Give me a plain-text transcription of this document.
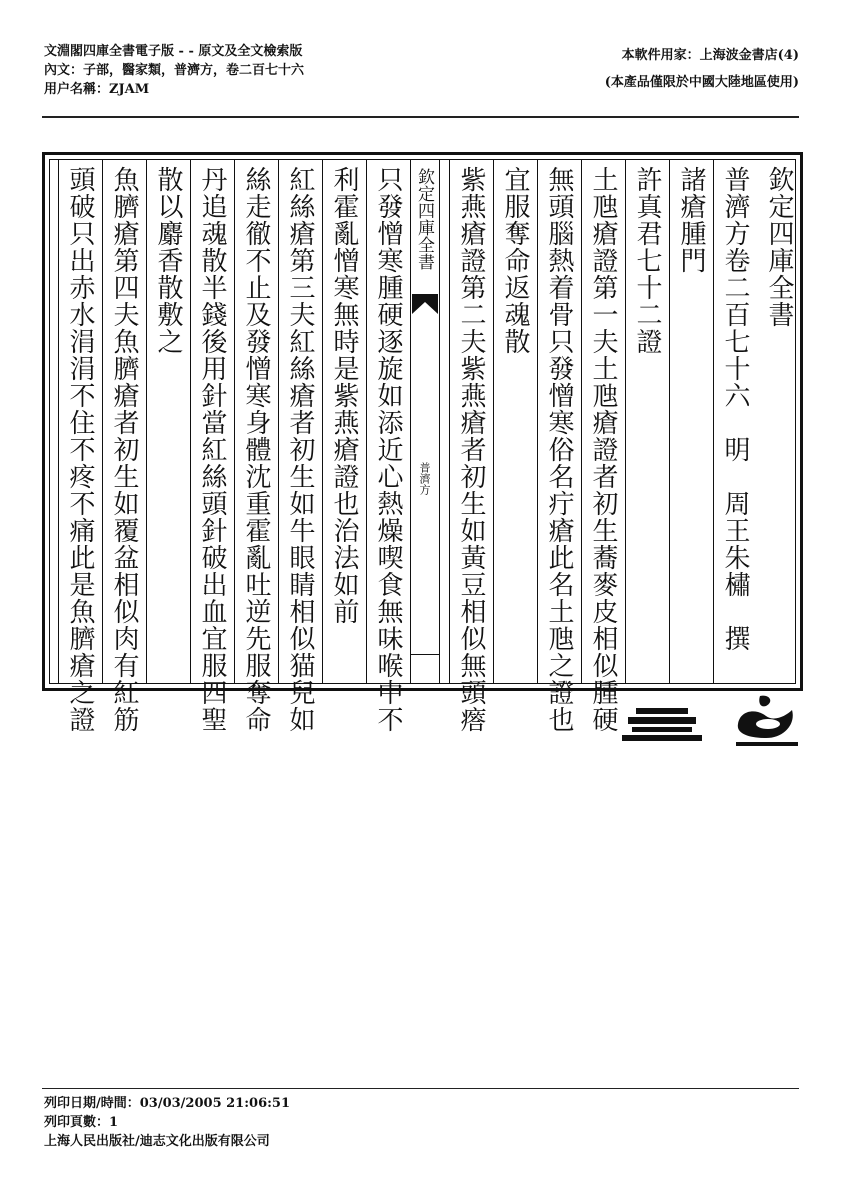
文淵閣四庫全書電子版 - - 原文及全文檢索版
內文：子部，醫家類，普濟方，卷二百七十六
用户名稱：ZJAM
本軟件用家：上海波金書店(4)
(本產品僅限於中國大陸地區使用)
欽定四庫全書
普濟方卷二百七十六　明　周王朱橚　撰
諸瘡腫門
許真君七十二證
土虺瘡證第一夫土虺瘡證者初生蕎麥皮相似腫硬
無頭腦熱着骨只發憎寒俗名疔瘡此名土虺之證也
宜服奪命返魂散
紫燕瘡證第二夫紫燕瘡者初生如黃豆相似無頭𤺥
欽定四庫全書
普濟方
只發憎寒腫硬逐旋如添近心熱燥喫食無味喉中不
利霍亂憎寒無時是紫燕瘡證也治法如前
紅絲瘡第三夫紅絲瘡者初生如牛眼睛相似猫兒如
絲走徹不止及發憎寒身體沈重霍亂吐逆先服奪命
丹追魂散半錢後用針當紅絲頭針破出血宜服四聖
散以麝香散敷之
魚臍瘡第四夫魚臍瘡者初生如覆盆相似肉有紅筋
頭破只出赤水涓涓不住不疼不痛此是魚臍瘡之證
列印日期/時間：03/03/2005 21:06:51
列印頁數：1
上海人民出版社/迪志文化出版有限公司
